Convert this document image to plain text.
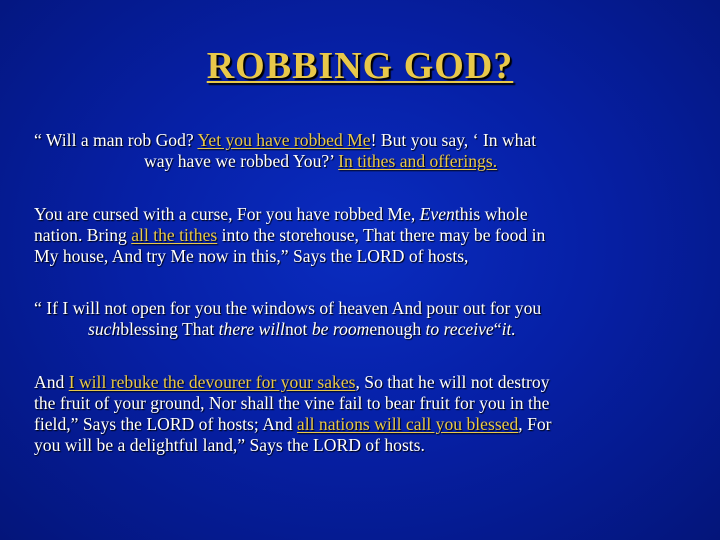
ROBBING GOD?

“ Will a man rob God? Yet you have robbed Me! But you say, ‘ In what
way have we robbed You?’ In tithes and offerings.

You are cursed with a curse, For you have robbed Me, Eventhis whole
nation. Bring all the tithes into the storehouse, That there may be food in
My house, And try Me now in this,” Says the LORD of hosts,

“ If I will not open for you the windows of heaven And pour out for you
suchblessing That there willnot be roomenough to receive“it.

And I will rebuke the devourer for your sakes, So that he will not destroy
the fruit of your ground, Nor shall the vine fail to bear fruit for you in the
field,” Says the LORD of hosts; And all nations will call you blessed, For
you will be a delightful land,” Says the LORD of hosts.
